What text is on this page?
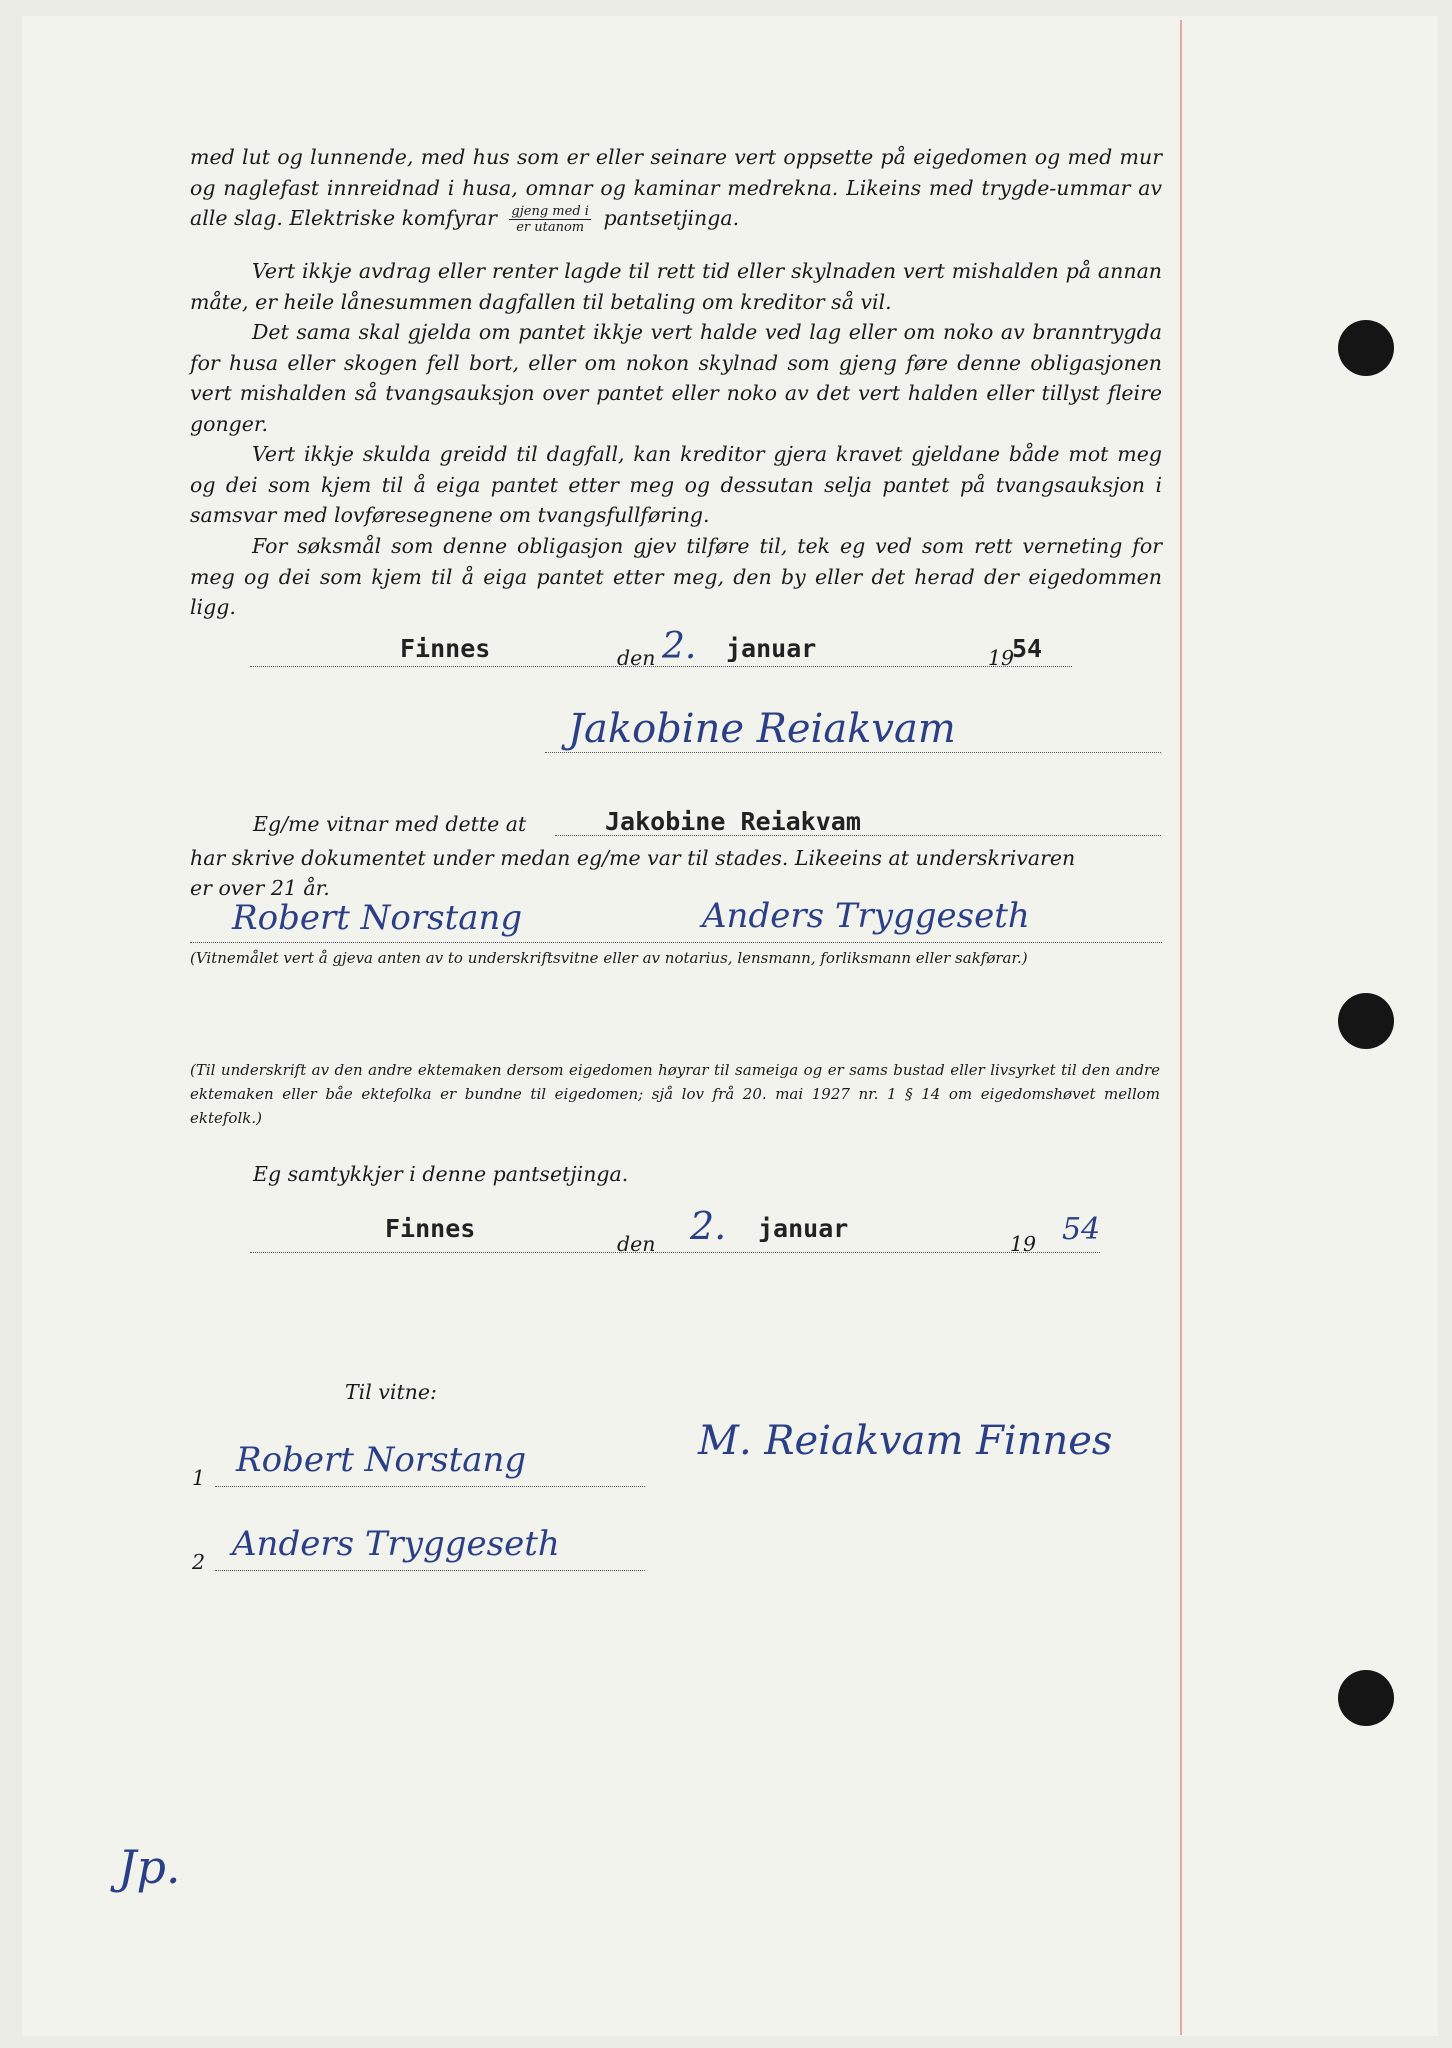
med lut og lunnende, med hus som er eller seinare vert oppsette på eigedomen og med mur og naglefast innreidnad i husa, omnar og kaminar medrekna. Likeins med trygde-ummar av alle slag. Elektriske komfyrar $\frac{\text{gjeng med i}}{\text{er utanom}}$ pantsetjinga.
Vert ikkje avdrag eller renter lagde til rett tid eller skylnaden vert mishalden på annan måte, er heile lånesummen dagfallen til betaling om kreditor så vil.
Det sama skal gjelda om pantet ikkje vert halde ved lag eller om noko av branntrygda for husa eller skogen fell bort, eller om nokon skylnad som gjeng føre denne obligasjonen vert mishalden så tvangsauksjon over pantet eller noko av det vert halden eller tillyst fleire gonger.
Vert ikkje skulda greidd til dagfall, kan kreditor gjera kravet gjeldane både mot meg og dei som kjem til å eiga pantet etter meg og dessutan selja pantet på tvangsauksjon i samsvar med lovføresegnene om tvangsfullføring.
For søksmål som denne obligasjon gjev tilføre til, tek eg ved som rett verneting for meg og dei som kjem til å eiga pantet etter meg, den by eller det herad der eigedommen ligg.
Finnes	den 2. januar	19
54
Jakobine Reiakvam
Eg/me vitnar med dette at	Jakobine Reiakvam
har skrive dokumentet under medan eg/me var til stades. Likeeins at underskrivaren
er over 21 år.
Robert Norstang	Anders Tryggeseth
(Vitnemålet vert å gjeva anten av to underskriftsvitne eller av notarius, lensmann, forliksmann eller sakførar.)
(Til underskrift av den andre ektemaken dersom eigedomen høyrar til sameiga og er sams bustad eller livsyrket til den andre ektemaken eller båe ektefolka er bundne til eigedomen; sjå lov frå 20. mai 1927 nr. 1 § 14 om eigedomshøvet mellom ektefolk.)
Eg samtykkjer i denne pantsetjinga.
Finnes
den 2. januar
19 54
Til vitne:
M. Reiakvam Finnes
1 Robert Norstang
2 Anders Tryggeseth
Jp.
